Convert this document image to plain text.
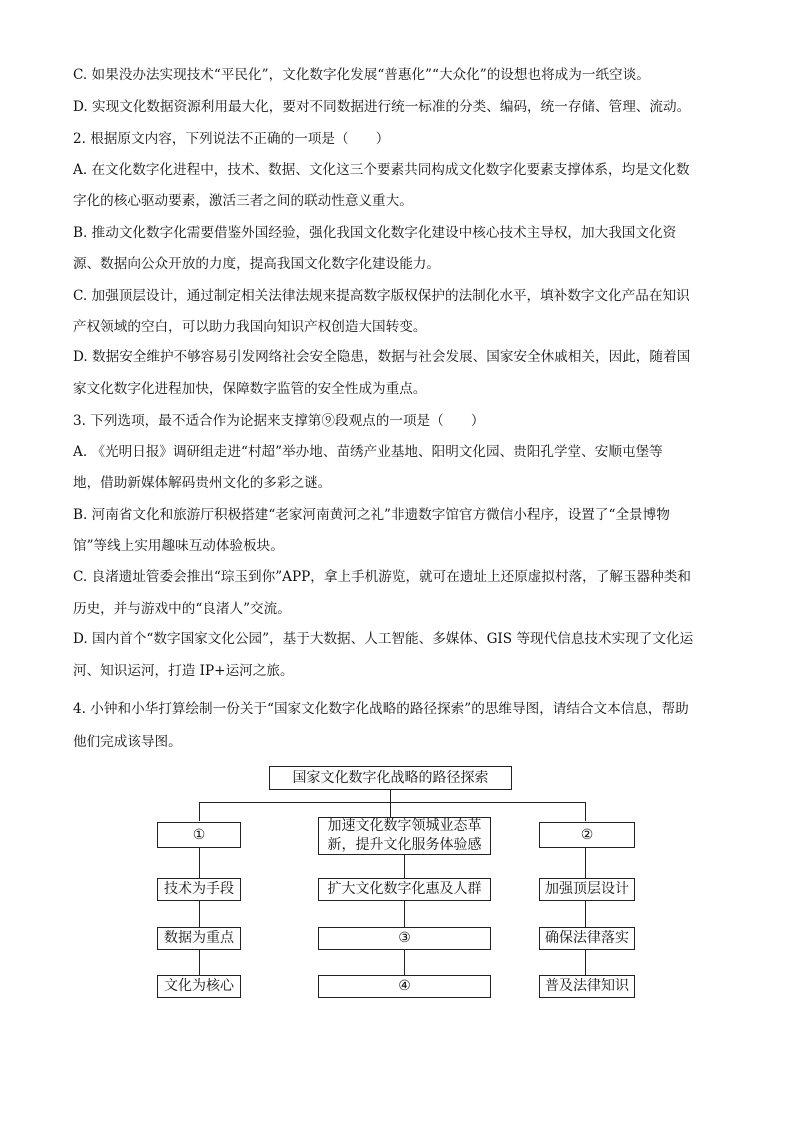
C. 如果没办法实现技术“平民化”，文化数字化发展“普惠化”“大众化”的设想也将成为一纸空谈。
D. 实现文化数据资源利用最大化，要对不同数据进行统一标准的分类、编码，统一存储、管理、流动。
2. 根据原文内容，下列说法不正确的一项是（　　）
A. 在文化数字化进程中，技术、数据、文化这三个要素共同构成文化数字化要素支撑体系，均是文化数
字化的核心驱动要素，激活三者之间的联动性意义重大。
B. 推动文化数字化需要借鉴外国经验，强化我国文化数字化建设中核心技术主导权，加大我国文化资
源、数据向公众开放的力度，提高我国文化数字化建设能力。
C. 加强顶层设计，通过制定相关法律法规来提高数字版权保护的法制化水平，填补数字文化产品在知识
产权领域的空白，可以助力我国向知识产权创造大国转变。
D. 数据安全维护不够容易引发网络社会安全隐患，数据与社会发展、国家安全休戚相关，因此，随着国
家文化数字化进程加快，保障数字监管的安全性成为重点。
3. 下列选项，最不适合作为论据来支撑第⑨段观点的一项是（　　）
A. 《光明日报》调研组走进“村超”举办地、苗绣产业基地、阳明文化园、贵阳孔学堂、安顺屯堡等
地，借助新媒体解码贵州文化的多彩之谜。
B. 河南省文化和旅游厅积极搭建“老家河南黄河之礼”非遗数字馆官方微信小程序，设置了“全景博物
馆”等线上实用趣味互动体验板块。
C. 良渚遗址管委会推出“琮玉到你”APP，拿上手机游览，就可在遗址上还原虚拟村落，了解玉器种类和
历史，并与游戏中的“良渚人”交流。
D. 国内首个“数字国家文化公园”，基于大数据、人工智能、多媒体、GIS 等现代信息技术实现了文化运
河、知识运河，打造 IP+运河之旅。
4. 小钟和小华打算绘制一份关于“国家文化数字化战略的路径探索”的思维导图，请结合文本信息，帮助
他们完成该导图。
国家文化数字化战略的路径探索
①
技术为手段
数据为重点
文化为核心
加速文化数字领城业态革新，提升文化服务体验感
扩大文化数字化惠及人群
③
④
②
加强顶层设计
确保法律落实
普及法律知识
